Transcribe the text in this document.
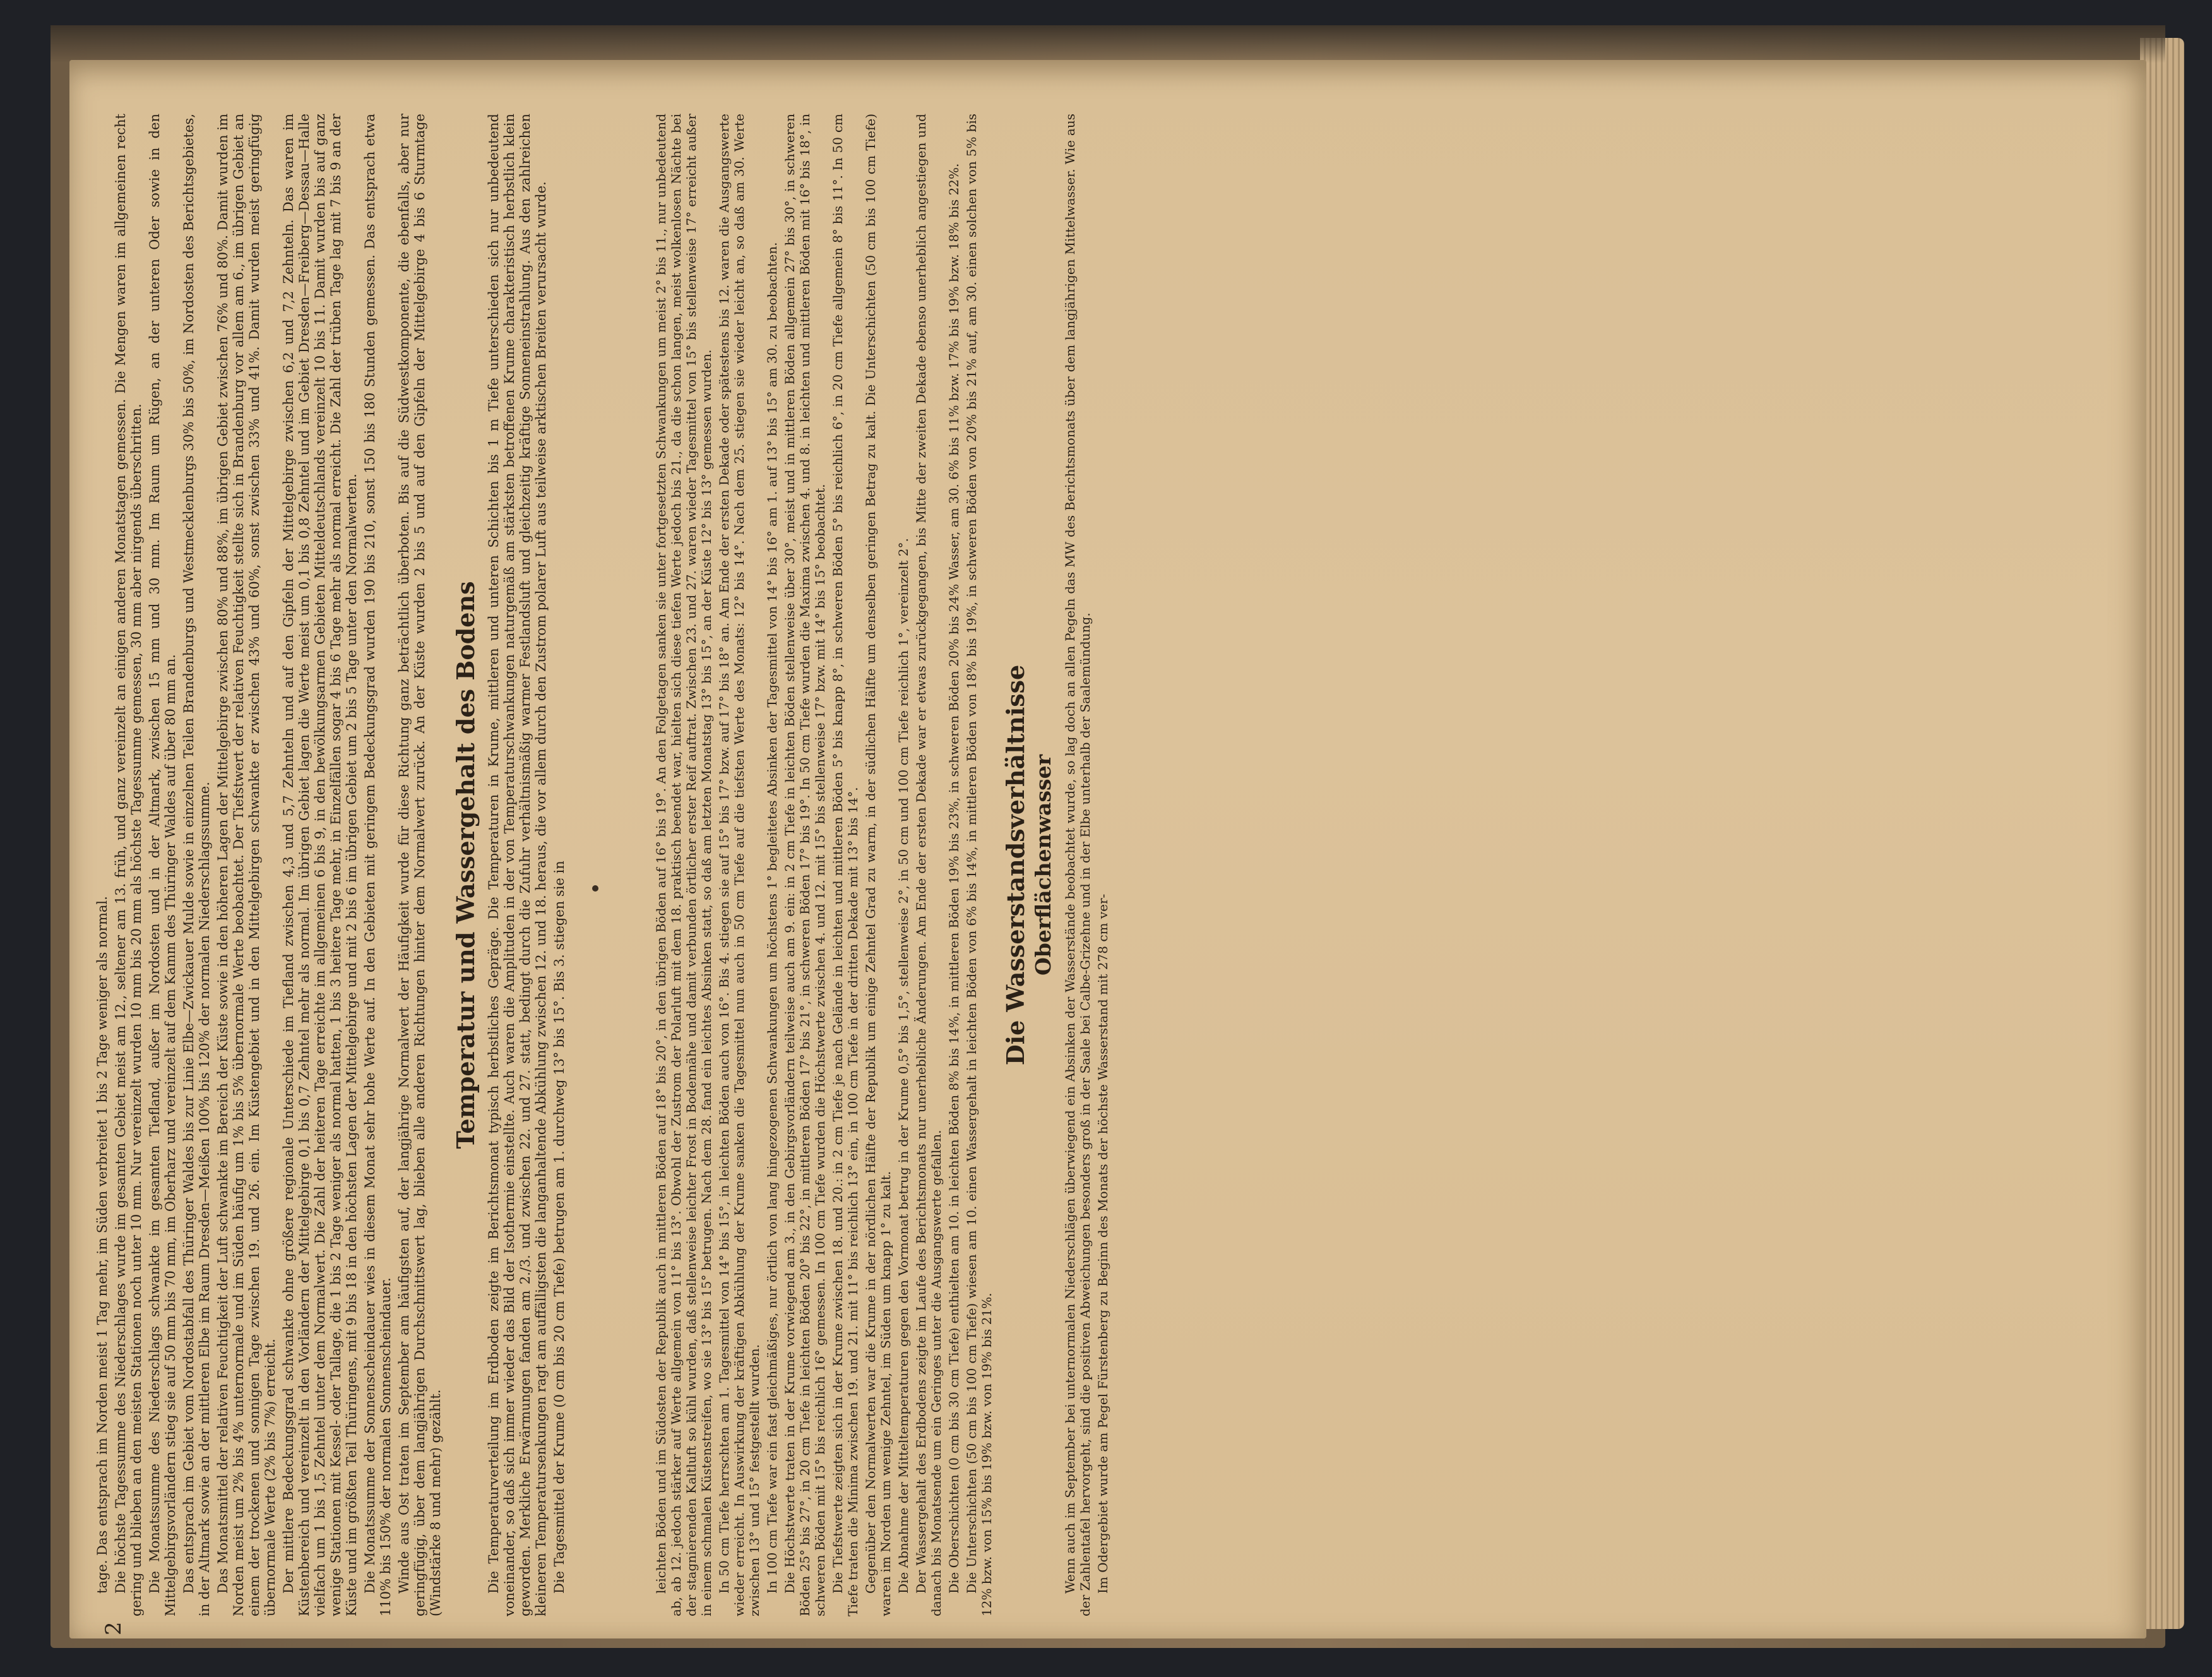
2

tage. Das entsprach im Norden meist 1 Tag mehr, im Süden verbreitet 1 bis 2 Tage weniger als normal. Die höchste Tagessumme des Niederschlages wurde im gesamten Gebiet meist am 12., seltener am 13. früh, und ganz vereinzelt an einigen anderen Monatstagen gemessen. Die Mengen waren im allgemeinen recht gering und blieben an den meisten Stationen noch unter 10 mm. Nur vereinzelt wurden 10 mm bis 20 mm als höchste Tagessumme gemessen, 30 mm aber nirgends überschritten. Die Monatssumme des Niederschlags schwankte im gesamten Tiefland, außer im Nordosten und in der Altmark, zwischen 15 mm und 30 mm. Im Raum um Rügen, an der unteren Oder sowie in den Mittelgebirgsvorländern stieg sie auf 50 mm bis 70 mm, im Oberharz und vereinzelt auf dem Kamm des Thüringer Waldes auf über 80 mm an. Das entsprach im Gebiet vom Nordostabfall des Thüringer Waldes bis zur Linie Elbe—Zwickauer Mulde sowie in einzelnen Teilen Brandenburgs und Westmecklenburgs 30% bis 50%, im Nordosten des Berichtsgebietes, in der Altmark sowie an der mittleren Elbe im Raum Dresden—Meißen 100% bis 120% der normalen Niederschlagssumme. Das Monatsmittel der relativen Feuchtigkeit der Luft schwankte im Bereich der Küste sowie in den höheren Lagen der Mittelgebirge zwischen 80% und 88%, im übrigen Gebiet zwischen 76% und 80%. Damit wurden im Norden meist um 2% bis 4% unternormale und im Süden häufig um 1% bis 5% übernormale Werte beobachtet. Der Tiefstwert der relativen Feuchtigkeit stellte sich in Brandenburg vor allem am 6., im übrigen Gebiet an einem der trockenen und sonnigen Tage zwischen 19. und 26. ein. Im Küstengebiet und in den Mittelgebirgen schwankte er zwischen 43% und 60%, sonst zwischen 33% und 41%. Damit wurden meist geringfügig übernormale Werte (2% bis 7%) erreicht. Der mittlere Bedeckungsgrad schwankte ohne größere regionale Unterschiede im Tiefland zwischen 4,3 und 5,7 Zehnteln und auf den Gipfeln der Mittelgebirge zwischen 6,2 und 7,2 Zehnteln. Das waren im Küstenbereich und vereinzelt in den Vorländern der Mittelgebirge 0,1 bis 0,7 Zehntel mehr als normal. Im übrigen Gebiet lagen die Werte meist um 0,1 bis 0,8 Zehntel und im Gebiet Dresden—Freiberg—Dessau—Halle vielfach um 1 bis 1,5 Zehntel unter dem Normalwert. Die Zahl der heiteren Tage erreichte im allgemeinen 6 bis 9, in den bewölkungsarmen Gebieten Mitteldeutschlands vereinzelt 10 bis 11. Damit wurden bis auf ganz wenige Stationen mit Kessel- oder Tallage, die 1 bis 2 Tage weniger als normal hatten, 1 bis 3 heitere Tage mehr, in Einzelfällen sogar 4 bis 6 Tage mehr als normal erreicht. Die Zahl der trüben Tage lag mit 7 bis 9 an der Küste und im größten Teil Thüringens, mit 9 bis 18 in den höchsten Lagen der Mittelgebirge und mit 2 bis 6 im übrigen Gebiet um 2 bis 5 Tage unter den Normalwerten. Die Monatssumme der Sonnenscheindauer wies in diesem Monat sehr hohe Werte auf. In den Gebieten mit geringem Bedeckungsgrad wurden 190 bis 210, sonst 150 bis 180 Stunden gemessen. Das entsprach etwa 110% bis 150% der normalen Sonnenscheindauer. Winde aus Ost traten im September am häufigsten auf, der langjährige Normalwert der Häufigkeit wurde für diese Richtung ganz beträchtlich überboten. Bis auf die Südwestkomponente, die ebenfalls, aber nur geringfügig, über dem langjährigen Durchschnittswert lag, blieben alle anderen Richtungen hinter dem Normalwert zurück. An der Küste wurden 2 bis 5 und auf den Gipfeln der Mittelgebirge 4 bis 6 Sturmtage (Windstärke 8 und mehr) gezählt.

Temperatur und Wassergehalt des Bodens Die Temperaturverteilung im Erdboden zeigte im Berichtsmonat typisch herbstliches Gepräge. Die Temperaturen in Krume, mittleren und unteren Schichten bis 1 m Tiefe unterschieden sich nur unbedeutend voneinander, so daß sich immer wieder das Bild der Isothermie einstellte. Auch waren die Amplituden in der von Temperaturschwankungen naturgemäß am stärksten betroffenen Krume charakteristisch herbstlich klein geworden. Merkliche Erwärmungen fanden am 2./3. und zwischen 22. und 27. statt, bedingt durch die Zufuhr verhältnismäßig warmer Festlandsluft und gleichzeitig kräftige Sonneneinstrahlung. Aus den zahlreichen kleineren Temperatursenkungen ragt am auffälligsten die langanhaltende Abkühlung zwischen 12. und 18. heraus, die vor allem durch den Zustrom polarer Luft aus teilweise arktischen Breiten verursacht wurde. Die Tagesmittel der Krume (0 cm bis 20 cm Tiefe) betrugen am 1. durchweg 13° bis 15°. Bis 3. stiegen sie in	leichten Böden und im Südosten der Republik auch in mittleren Böden auf 18° bis 20°, in den übrigen Böden auf 16° bis 19°. An den Folgetagen sanken sie unter fortgesetzten Schwankungen um meist 2° bis 11., nur unbedeutend ab, ab 12. jedoch stärker auf Werte allgemein von 11° bis 13°. Obwohl der Zustrom der Polarluft mit dem 18. praktisch beendet war, hielten sich diese tiefen Werte jedoch bis 21., da die schon langen, meist wolkenlosen Nächte bei der stagnierenden Kaltluft so kühl wurden, daß stellenweise leichter Frost in Bodennähe und damit verbunden örtlicher erster Reif auftrat. Zwischen 23. und 27. waren wieder Tagesmittel von 15° bis stellenweise 17° erreicht außer in einem schmalen Küstenstreifen, wo sie 13° bis 15° betrugen. Nach dem 28. fand ein leichtes Absinken statt, so daß am letzten Monatstag 13° bis 15°, an der Küste 12° bis 13° gemessen wurden. In 50 cm Tiefe herrschten am 1. Tagesmittel von 14° bis 15°, in leichten Böden auch von 16°. Bis 4. stiegen sie auf 15° bis 17° bzw. auf 17° bis 18° an. Am Ende der ersten Dekade oder spätestens bis 12. waren die Ausgangswerte wieder erreicht. In Auswirkung der kräftigen Abkühlung der Krume sanken die Tagesmittel nun auch in 50 cm Tiefe auf die tiefsten Werte des Monats: 12° bis 14°. Nach dem 25. stiegen sie wieder leicht an, so daß am 30. Werte zwischen 13° und 15° festgestellt wurden. In 100 cm Tiefe war ein fast gleichmäßiges, nur örtlich von lang hingezogenen Schwankungen um höchstens 1° begleitetes Absinken der Tagesmittel von 14° bis 16° am 1. auf 13° bis 15° am 30. zu beobachten. Die Höchstwerte traten in der Krume vorwiegend am 3., in den Gebirgsvorländern teilweise auch am 9. ein: in 2 cm Tiefe in leichten Böden stellenweise über 30°, meist und in mittleren Böden allgemein 27° bis 30°, in schweren Böden 25° bis 27°, in 20 cm Tiefe in leichten Böden 20° bis 22°, in mittleren Böden 17° bis 21°, in schweren Böden 17° bis 19°. In 50 cm Tiefe wurden die Maxima zwischen 4. und 8. in leichten und mittleren Böden mit 16° bis 18°, in schweren Böden mit 15° bis reichlich 16° gemessen. In 100 cm Tiefe wurden die Höchstwerte zwischen 4. und 12. mit 15° bis stellenweise 17° bzw. mit 14° bis 15° beobachtet. Die Tiefstwerte zeigten sich in der Krume zwischen 18. und 20.: in 2 cm Tiefe je nach Gelände in leichten und mittleren Böden 5° bis knapp 8°, in schweren Böden 5° bis reichlich 6°, in 20 cm Tiefe allgemein 8° bis 11°. In 50 cm Tiefe traten die Minima zwischen 19. und 21. mit 11° bis reichlich 13° ein, in 100 cm Tiefe in der dritten Dekade mit 13° bis 14°. Gegenüber den Normalwerten war die Krume in der nördlichen Hälfte der Republik um einige Zehntel Grad zu warm, in der südlichen Hälfte um denselben geringen Betrag zu kalt. Die Unterschichten (50 cm bis 100 cm Tiefe) waren im Norden um wenige Zehntel, im Süden um knapp 1° zu kalt. Die Abnahme der Mitteltemperaturen gegen den Vormonat betrug in der Krume 0,5° bis 1,5°, stellenweise 2°, in 50 cm und 100 cm Tiefe reichlich 1°, vereinzelt 2°. Der Wassergehalt des Erdbodens zeigte im Laufe des Berichtsmonats nur unerhebliche Änderungen. Am Ende der ersten Dekade war er etwas zurückgegangen, bis Mitte der zweiten Dekade ebenso unerheblich angestiegen und danach bis Monatsende um ein Geringes unter die Ausgangswerte gefallen. Die Oberschichten (0 cm bis 30 cm Tiefe) enthielten am 10. in leichten Böden 8% bis 14%, in mittleren Böden 19% bis 23%, in schweren Böden 20% bis 24% Wasser, am 30. 6% bis 11% bzw. 17% bis 19% bzw. 18% bis 22%. Die Unterschichten (50 cm bis 100 cm Tiefe) wiesen am 10. einen Wassergehalt in leichten Böden von 6% bis 14%, in mittleren Böden von 18% bis 19%, in schweren Böden von 20% bis 21% auf, am 30. einen solchen von 5% bis 12% bzw. von 15% bis 19% bzw. von 19% bis 21%.

Die Wasserstandsverhältnisse Oberflächenwasser Wenn auch im September bei unternormalen Niederschlägen überwiegend ein Absinken der Wasserstände beobachtet wurde, so lag doch an allen Pegeln das MW des Berichtsmonats über dem langjährigen Mittelwasser. Wie aus der Zahlentafel hervorgeht, sind die positiven Abweichungen besonders groß in der Saale bei Calbe-Grizehne und in der Elbe unterhalb der Saalemündung. Im Odergebiet wurde am Pegel Fürstenberg zu Beginn des Monats der höchste Wasserstand mit 278 cm ver-
